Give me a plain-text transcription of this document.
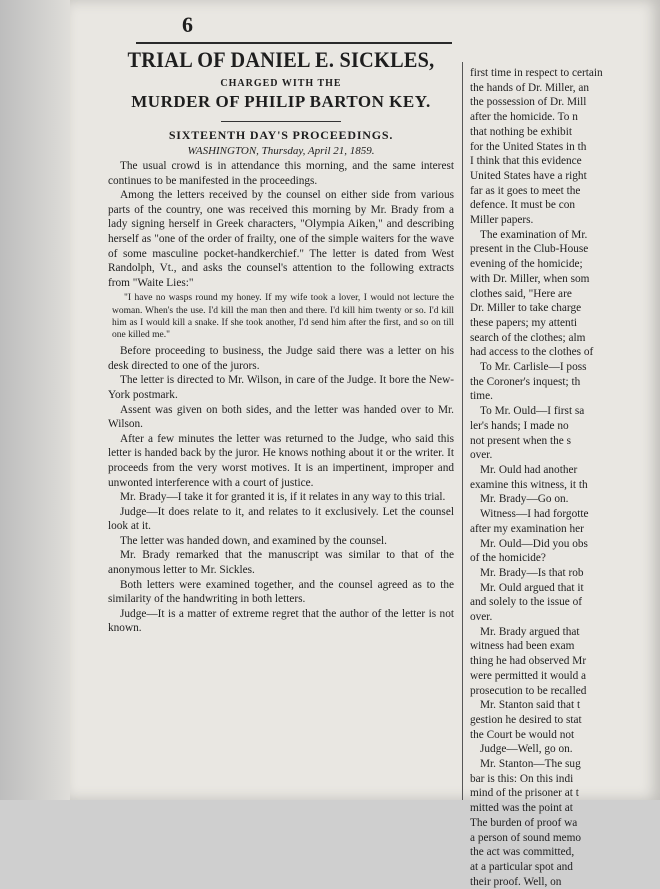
6
TRIAL OF DANIEL E. SICKLES,
CHARGED WITH THE
MURDER OF PHILIP BARTON KEY.
SIXTEENTH DAY'S PROCEEDINGS.
WASHINGTON, Thursday, April 21, 1859.

The usual crowd is in attendance this morning, and the same interest continues to be manifested in the proceedings.

Among the letters received by the counsel on either side from various parts of the country, one was received this morning by Mr. Brady from a lady signing herself in Greek characters, "Olympia Aiken," and describing herself as "one of the order of frailty, one of the simple waiters for the wave of some masculine pocket-handkerchief." The letter is dated from West Randolph, Vt., and asks the counsel's attention to the following extracts from "Waite Lies:"

"I have no wasps round my honey. If my wife took a lover, I would not lecture the woman. When's the use. I'd kill the man then and there. I'd kill him twenty or so. I'd kill him as I would kill a snake. If she took another, I'd send him after the first, and so on till one killed me."

Before proceeding to business, the Judge said there was a letter on his desk directed to one of the jurors.

The letter is directed to Mr. Wilson, in care of the Judge. It bore the New-York postmark.

Assent was given on both sides, and the letter was handed over to Mr. Wilson.

After a few minutes the letter was returned to the Judge, who said this letter is handed back by the juror. He knows nothing about it or the writer. It proceeds from the very worst motives. It is an impertinent, improper and unwonted interference with a court of justice.

Mr. Brady—I take it for granted it is, if it relates in any way to this trial.

Judge—It does relate to it, and relates to it exclusively. Let the counsel look at it.

The letter was handed down, and examined by the counsel.

Mr. Brady remarked that the manuscript was similar to that of the anonymous letter to Mr. Sickles.

Both letters were examined together, and the counsel agreed as to the similarity of the handwriting in both letters.

Judge—It is a matter of extreme regret that the author of the letter is not known.

first time in respect to certain
the hands of Dr. Miller, an
the possession of Dr. Mill
after the homicide. To n
that nothing be exhibit
for the United States in th
I think that this evidence
United States have a right
far as it goes to meet the
defence. It must be con
Miller papers.
The examination of Mr.
present in the Club-House
evening of the homicide;
with Dr. Miller, when som
clothes said, "Here are
Dr. Miller to take charge
these papers; my attenti
search of the clothes; alm
had access to the clothes of
To Mr. Carlisle—I poss
the Coroner's inquest; th
time.
To Mr. Ould—I first sa
ler's hands; I made no
not present when the s
over.
Mr. Ould had another
examine this witness, it th
Mr. Brady—Go on.
Witness—I had forgotte
after my examination her
Mr. Ould—Did you obs
of the homicide?
Mr. Brady—Is that rob
Mr. Ould argued that it
and solely to the issue of
over.
Mr. Brady argued that
witness had been exam
thing he had observed Mr
were permitted it would a
prosecution to be recalled
Mr. Stanton said that t
gestion he desired to stat
the Court be would not
Judge—Well, go on.
Mr. Stanton—The sug
bar is this: On this indi
mind of the prisoner at t
mitted was the point at
The burden of proof wa
a person of sound memo
the act was committed,
at a particular spot and
their proof. Well, on
